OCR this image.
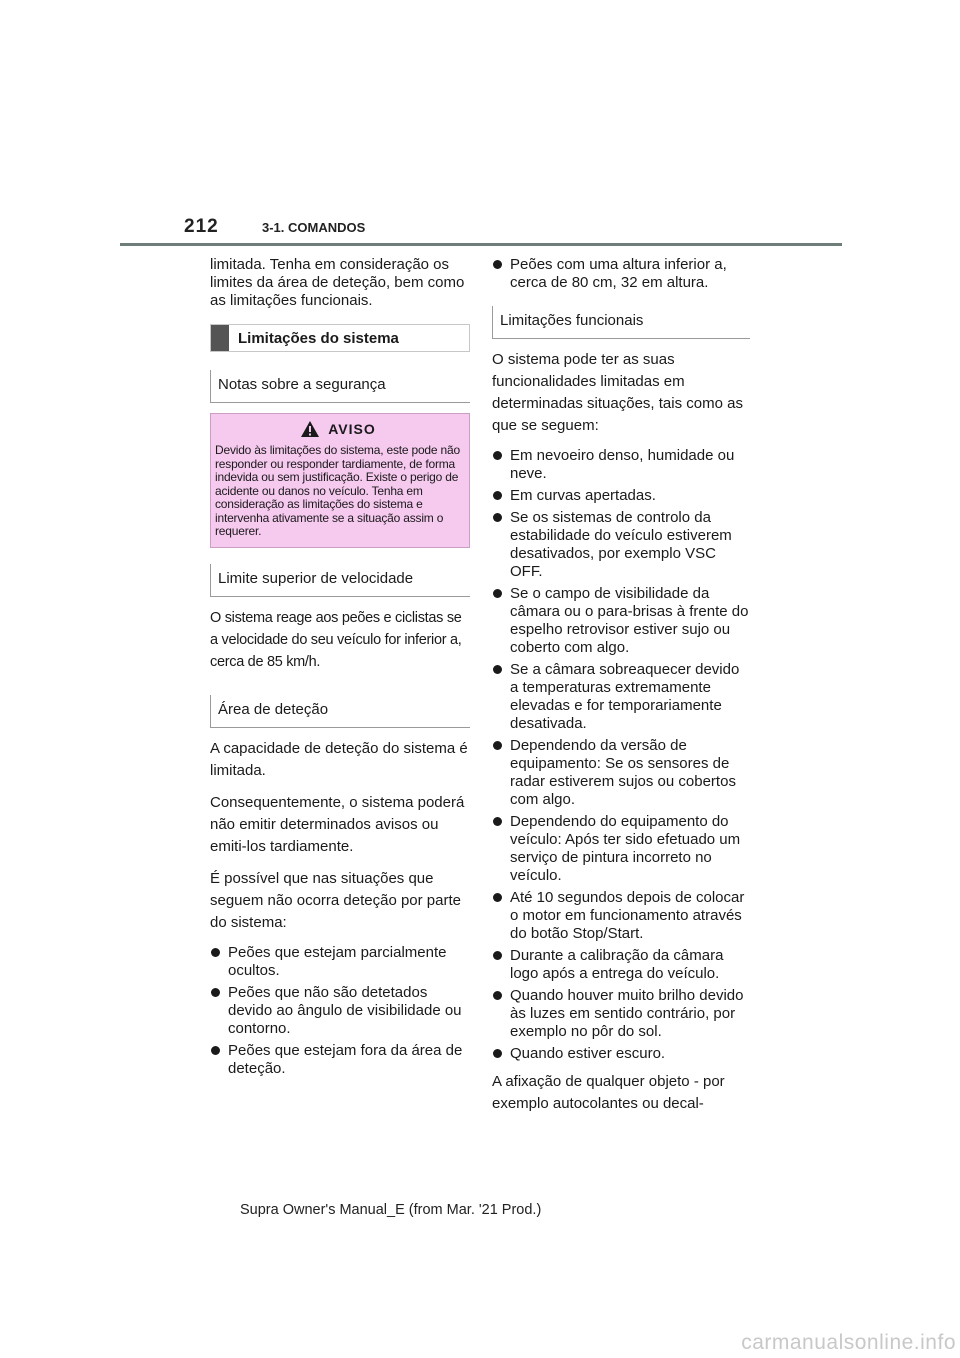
212	3-1. COMANDOS

limitada. Tenha em consideração os limites da área de deteção, bem como as limitações funcionais.

Limitações do sistema
Notas sobre a segurança
AVISO
Devido às limitações do sistema, este pode não responder ou responder tardiamente, de forma indevida ou sem justificação. Existe o perigo de acidente ou danos no veículo. Tenha em consideração as limitações do sistema e intervenha ativamente se a situação assim o requerer.
Limite superior de velocidade

O sistema reage aos peões e ciclistas se a velocidade do seu veículo for inferior a, cerca de 85 km/h.

Área de deteção

A capacidade de deteção do sistema é limitada.

Consequentemente, o sistema poderá não emitir determinados avisos ou emiti-los tardiamente.

É possível que nas situações que seguem não ocorra deteção por parte do sistema:

Peões que estejam parcialmente ocultos.
Peões que não são detetados devido ao ângulo de visibilidade ou contorno.
Peões que estejam fora da área de deteção.
Peões com uma altura inferior a, cerca de 80 cm, 32 em altura.
Limitações funcionais

O sistema pode ter as suas funcionalidades limitadas em determinadas situações, tais como as que se seguem:

Em nevoeiro denso, humidade ou neve.
Em curvas apertadas.
Se os sistemas de controlo da estabilidade do veículo estiverem desativados, por exemplo VSC OFF.
Se o campo de visibilidade da câmara ou o para-brisas à frente do espelho retrovisor estiver sujo ou coberto com algo.
Se a câmara sobreaquecer devido a temperaturas extremamente elevadas e for temporariamente desativada.
Dependendo da versão de equipamento: Se os sensores de radar estiverem sujos ou cobertos com algo.
Dependendo do equipamento do veículo: Após ter sido efetuado um serviço de pintura incorreto no veículo.
Até 10 segundos depois de colocar o motor em funcionamento através do botão Stop/Start.
Durante a calibração da câmara logo após a entrega do veículo.
Quando houver muito brilho devido às luzes em sentido contrário, por exemplo no pôr do sol.
Quando estiver escuro.

A afixação de qualquer objeto - por exemplo autocolantes ou decal-

Supra Owner's Manual_E (from Mar. '21 Prod.)
carmanualsonline.info
